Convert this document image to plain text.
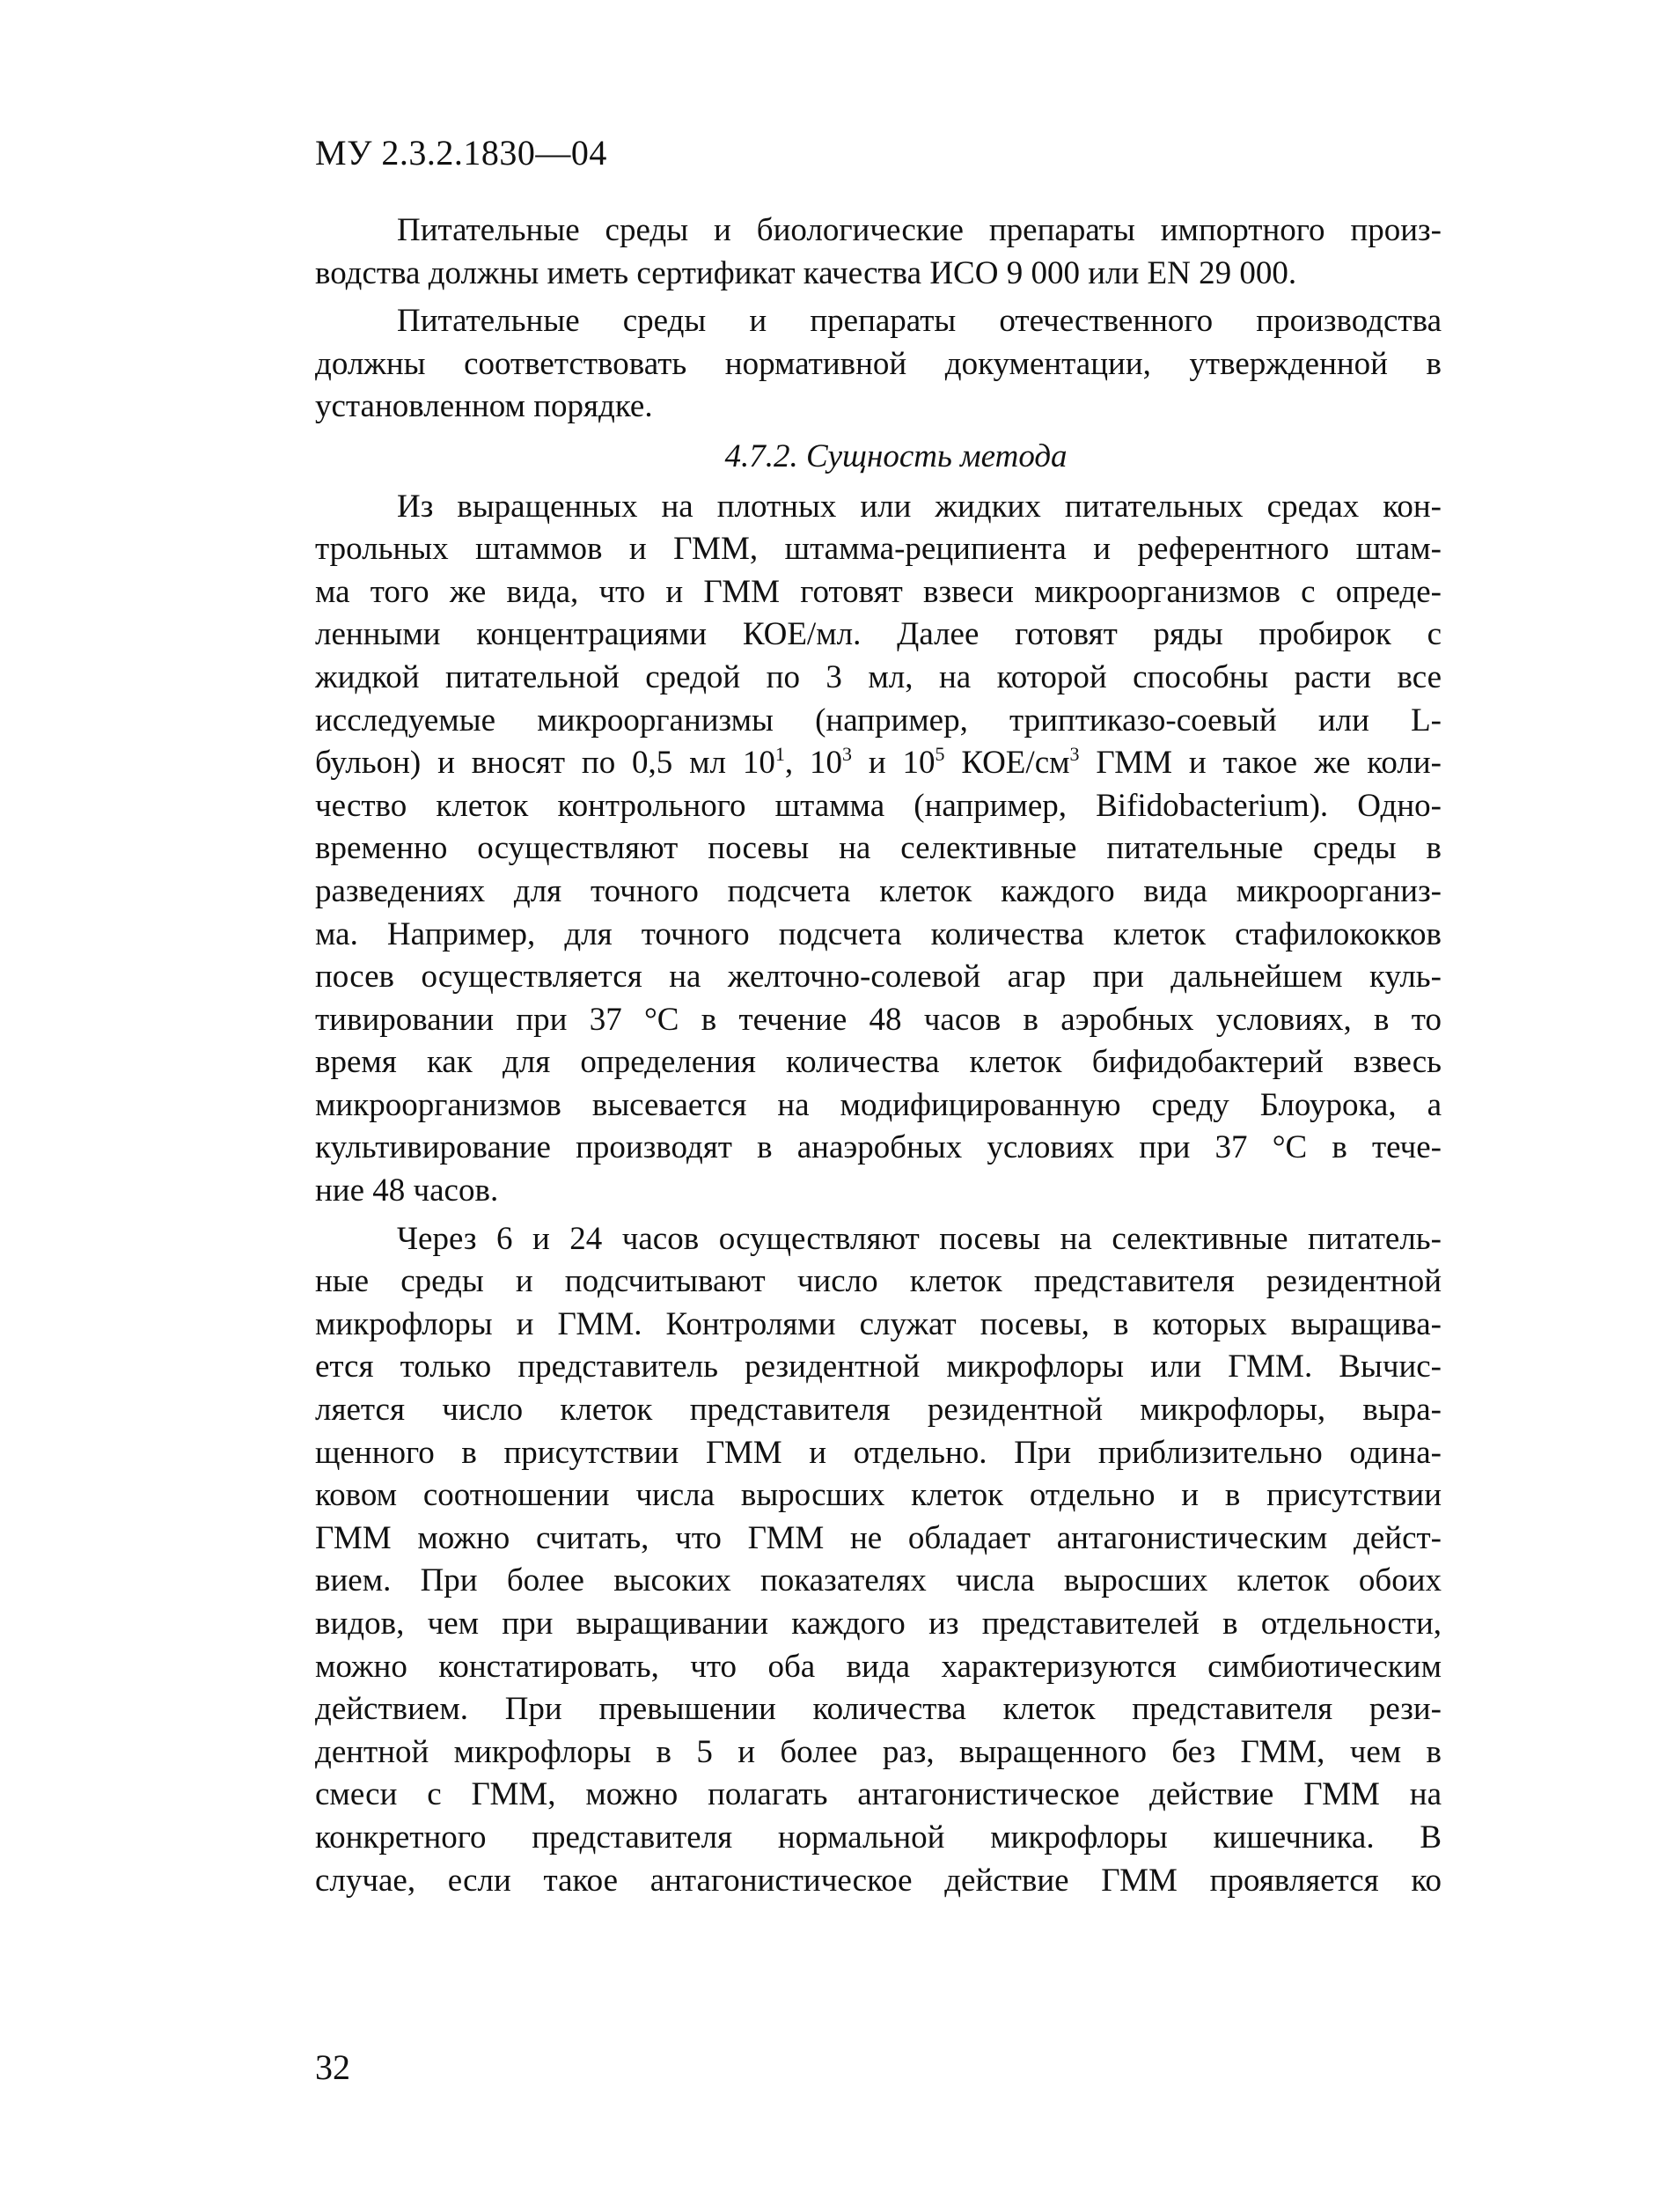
МУ 2.3.2.1830—04
Питательные среды и биологические препараты импортного произ-
водства должны иметь сертификат качества ИСО 9 000 или EN 29 000.
Питательные среды и препараты отечественного производства
должны соответствовать нормативной документации, утвержденной в
установленном порядке.
4.7.2. Сущность метода
Из выращенных на плотных или жидких питательных средах кон-
трольных штаммов и ГММ, штамма-реципиента и референтного штам-
ма того же вида, что и ГММ готовят взвеси микроорганизмов с опреде-
ленными концентрациями КОЕ/мл. Далее готовят ряды пробирок с
жидкой питательной средой по 3 мл, на которой способны расти все
исследуемые микроорганизмы (например, триптиказо-соевый или L-
бульон) и вносят по 0,5 мл $10^1$, $10^3$ и $10^5$ КОЕ/$см^3$ ГММ и такое же коли-
чество клеток контрольного штамма (например, Bifidobacterium). Одно-
временно осуществляют посевы на селективные питательные среды в
разведениях для точного подсчета клеток каждого вида микроорганиз-
ма. Например, для точного подсчета количества клеток стафилококков
посев осуществляется на желточно-солевой агар при дальнейшем куль-
тивировании при 37 °С в течение 48 часов в аэробных условиях, в то
время как для определения количества клеток бифидобактерий взвесь
микроорганизмов высевается на модифицированную среду Блоурока, а
культивирование производят в анаэробных условиях при 37 °С в тече-
ние 48 часов.
Через 6 и 24 часов осуществляют посевы на селективные питатель-
ные среды и подсчитывают число клеток представителя резидентной
микрофлоры и ГММ. Контролями служат посевы, в которых выращива-
ется только представитель резидентной микрофлоры или ГММ. Вычис-
ляется число клеток представителя резидентной микрофлоры, выра-
щенного в присутствии ГММ и отдельно. При приблизительно одина-
ковом соотношении числа выросших клеток отдельно и в присутствии
ГММ можно считать, что ГММ не обладает антагонистическим дейст-
вием. При более высоких показателях числа выросших клеток обоих
видов, чем при выращивании каждого из представителей в отдельности,
можно констатировать, что оба вида характеризуются симбиотическим
действием. При превышении количества клеток представителя рези-
дентной микрофлоры в 5 и более раз, выращенного без ГММ, чем в
смеси с ГММ, можно полагать антагонистическое действие ГММ на
конкретного представителя нормальной микрофлоры кишечника. В
случае, если такое антагонистическое действие ГММ проявляется ко
32
